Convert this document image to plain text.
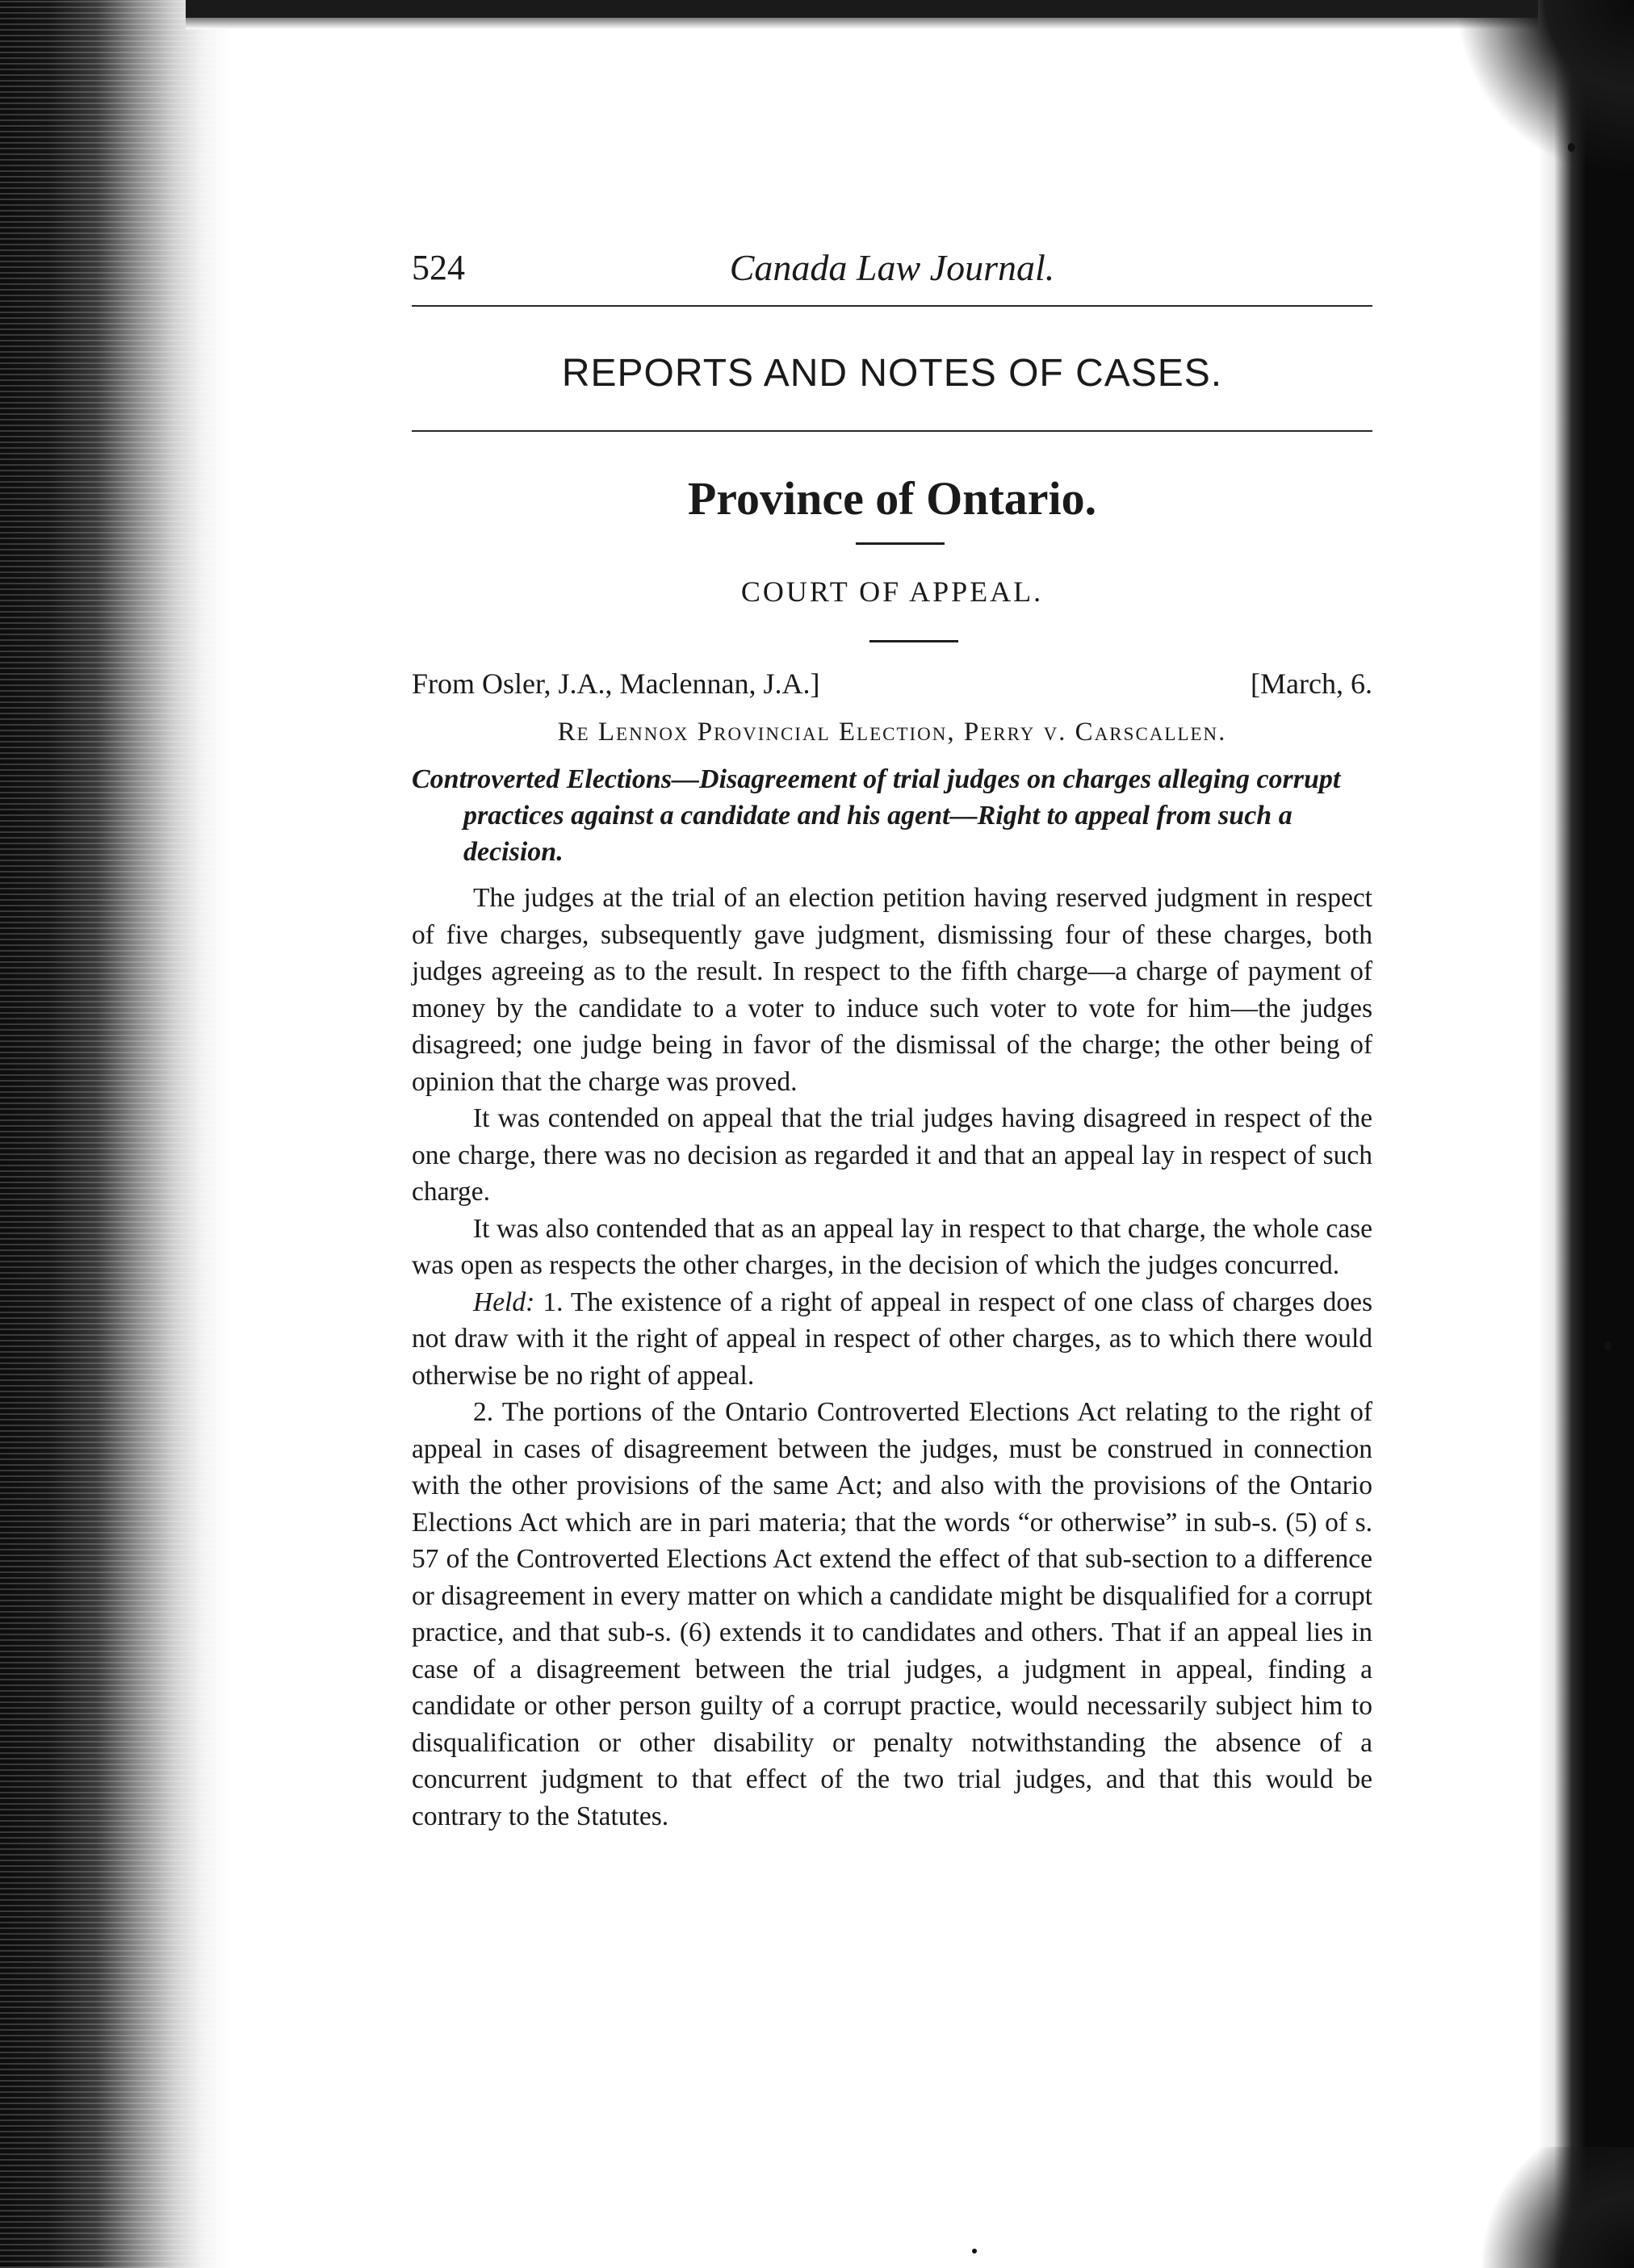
524	Canada Law Journal.
REPORTS AND NOTES OF CASES.
Province of Ontario.
COURT OF APPEAL.
From Osler, J.A., Maclennan, J.A.]	[March, 6.
Re Lennox Provincial Election, Perry v. Carscallen.
Controverted Elections—Disagreement of trial judges on charges alleging corrupt practices against a candidate and his agent—Right to appeal from such a decision.

The judges at the trial of an election petition having reserved judgment in respect of five charges, subsequently gave judgment, dismissing four of these charges, both judges agreeing as to the result. In respect to the fifth charge—a charge of payment of money by the candidate to a voter to induce such voter to vote for him—the judges disagreed; one judge being in favor of the dismissal of the charge; the other being of opinion that the charge was proved.

It was contended on appeal that the trial judges having disagreed in respect of the one charge, there was no decision as regarded it and that an appeal lay in respect of such charge.

It was also contended that as an appeal lay in respect to that charge, the whole case was open as respects the other charges, in the decision of which the judges concurred.

Held: 1. The existence of a right of appeal in respect of one class of charges does not draw with it the right of appeal in respect of other charges, as to which there would otherwise be no right of appeal.

2. The portions of the Ontario Controverted Elections Act relating to the right of appeal in cases of disagreement between the judges, must be construed in connection with the other provisions of the same Act; and also with the provisions of the Ontario Elections Act which are in pari materia; that the words “or otherwise” in sub-s. (5) of s. 57 of the Controverted Elections Act extend the effect of that sub-section to a difference or disagreement in every matter on which a candidate might be disqualified for a corrupt practice, and that sub-s. (6) extends it to candidates and others. That if an appeal lies in case of a disagreement between the trial judges, a judgment in appeal, finding a candidate or other person guilty of a corrupt practice, would necessarily subject him to disqualification or other disability or penalty notwithstanding the absence of a concurrent judgment to that effect of the two trial judges, and that this would be contrary to the Statutes.
